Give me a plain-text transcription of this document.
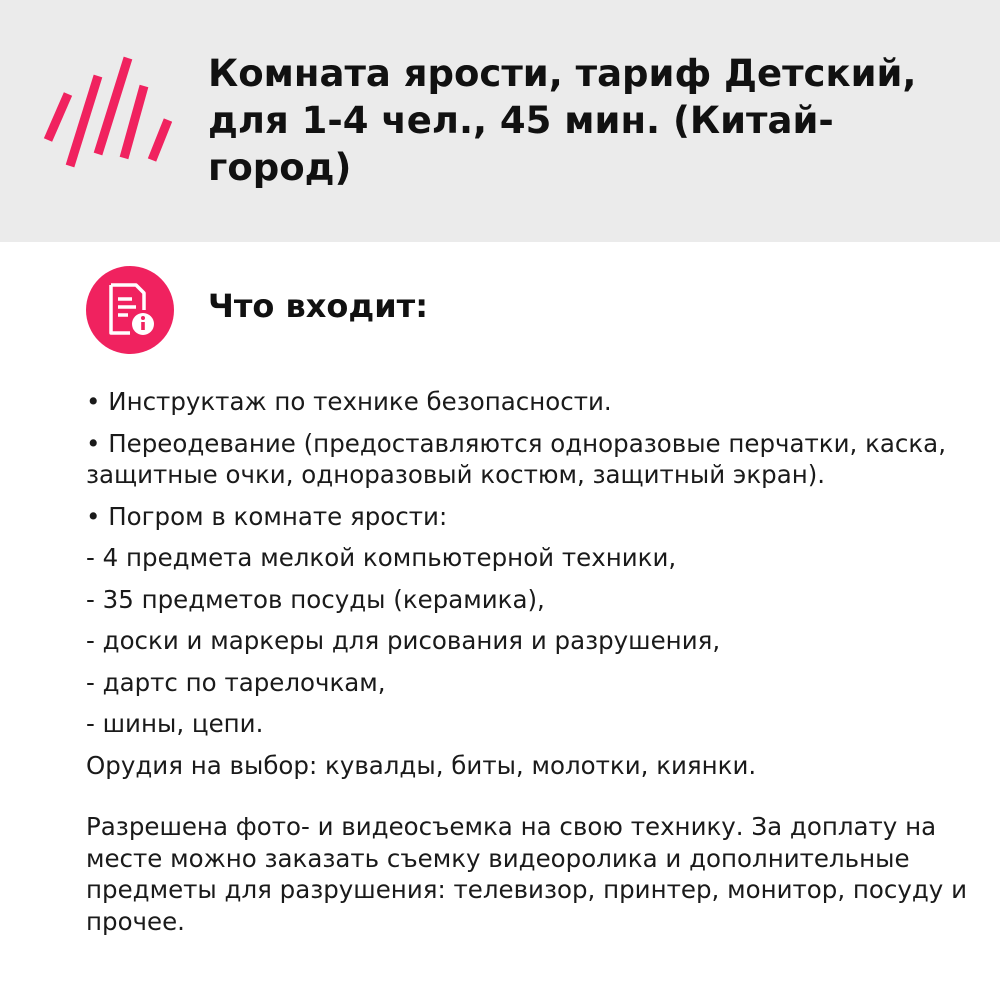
Комната ярости, тариф Детский, для 1-4 чел., 45 мин. (Китай-город)
Что входит:

• Инструктаж по технике безопасности.

• Переодевание (предоставляются одноразовые перчатки, каска, защитные очки, одноразовый костюм, защитный экран).

• Погром в комнате ярости:

- 4 предмета мелкой компьютерной техники,

- 35 предметов посуды (керамика),

- доски и маркеры для рисования и разрушения,

- дартс по тарелочкам,

- шины, цепи.

Орудия на выбор: кувалды, биты, молотки, киянки.

Разрешена фото- и видеосъемка на свою технику. За доплату на месте можно заказать съемку видеоролика и дополнительные предметы для разрушения: телевизор, принтер, монитор, посуду и прочее.
